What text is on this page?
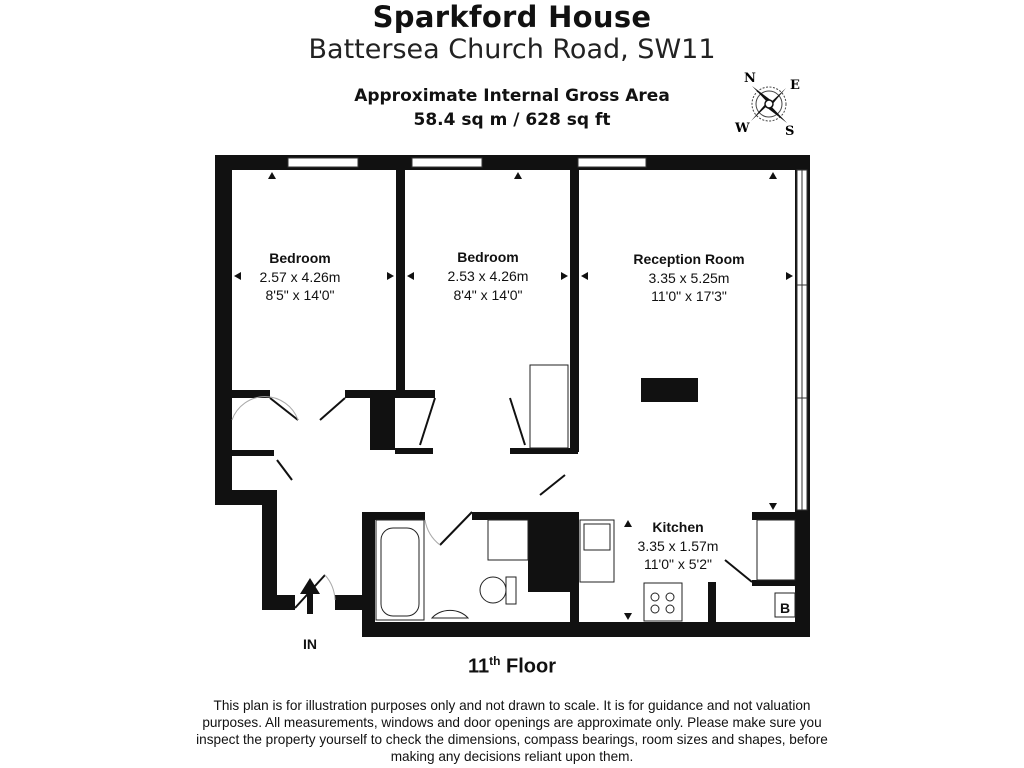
Sparkford House
Battersea Church Road, SW11
Approximate Internal Gross Area
58.4 sq m / 628 sq ft
N	E
S
W
B
IN
Bedroom
2.57 x 4.26m
8'5" x 14'0"
Bedroom
2.53 x 4.26m
8'4" x 14'0"
Reception Room
3.35 x 5.25m
11'0" x 17'3"
Kitchen
3.35 x 1.57m
11'0" x 5'2"
11th Floor
This plan is for illustration purposes only and not drawn to scale. It is for guidance and not valuation purposes. All measurements, windows and door openings are approximate only. Please make sure you inspect the property yourself to check the dimensions, compass bearings, room sizes and shapes, before making any decisions reliant upon them.
